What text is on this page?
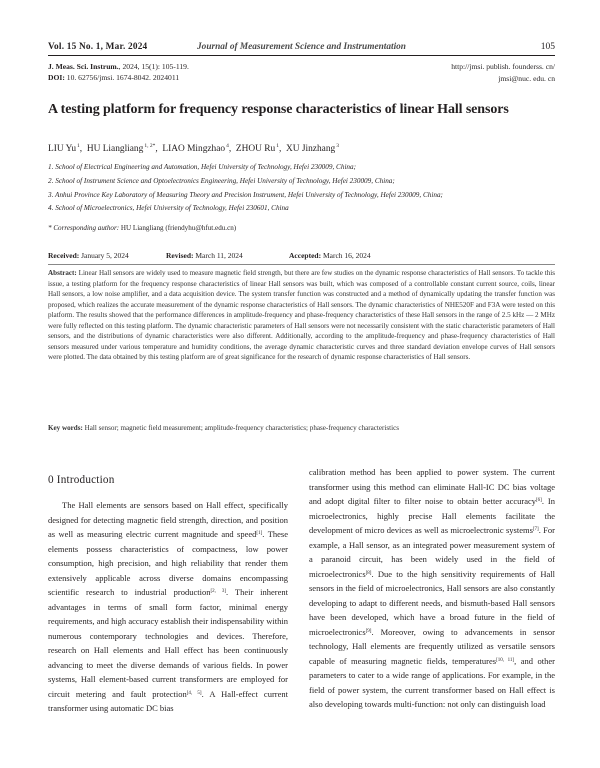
Vol. 15 No. 1, Mar. 2024	Journal of Measurement Science and Instrumentation	105
J. Meas. Sci. Instrum., 2024, 15(1): 105-119.
DOI: 10. 62756/jmsi. 1674-8042. 2024011
http://jmsi. publish. founderss. cn/
jmsi@nuc. edu. cn
A testing platform for frequency response characteristics of linear Hall sensors
LIU Yu$^1$,  HU Liangliang$^{1, 2*}$,  LIAO Mingzhao$^4$,  ZHOU Ru$^1$,  XU Jinzhang$^3$
1. School of Electrical Engineering and Automation, Hefei University of Technology, Hefei 230009, China;
2. School of Instrument Science and Optoelectronics Engineering, Hefei University of Technology, Hefei 230009, China;
3. Anhui Province Key Laboratory of Measuring Theory and Precision Instrument, Hefei University of Technology, Hefei 230009, China;
4. School of Microelectronics, Hefei University of Technology, Hefei 230601, China
* Corresponding author: HU Liangliang (friendyhu@hfut.edu.cn)
Received: January 5, 2024	Revised: March 11, 2024	Accepted: March 16, 2024
Abstract: Linear Hall sensors are widely used to measure magnetic field strength, but there are few studies on the dynamic response characteristics of Hall sensors. To tackle this issue, a testing platform for the frequency response characteristics of linear Hall sensors was built, which was composed of a controllable constant current source, coils, linear Hall sensors, a low noise amplifier, and a data acquisition device. The system transfer function was constructed and a method of dynamically updating the transfer function was proposed, which realizes the accurate measurement of the dynamic response characteristics of Hall sensors. The dynamic characteristics of NHE520F and F3A were tested on this platform. The results showed that the performance differences in amplitude-frequency and phase-frequency characteristics of these Hall sensors in the range of 2.5 kHz — 2 MHz were fully reflected on this testing platform. The dynamic characteristic parameters of Hall sensors were not necessarily consistent with the static characteristic parameters of Hall sensors, and the distributions of dynamic characteristics were also different. Additionally, according to the amplitude-frequency and phase-frequency characteristics of Hall sensors measured under various temperature and humidity conditions, the average dynamic characteristic curves and three standard deviation envelope curves of Hall sensors were plotted. The data obtained by this testing platform are of great significance for the research of dynamic response characteristics of Hall sensors.
Key words: Hall sensor; magnetic field measurement; amplitude-frequency characteristics; phase-frequency characteristics
0 Introduction

The Hall elements are sensors based on Hall effect, specifically designed for detecting magnetic field strength, direction, and position as well as measuring electric current magnitude and speed[1]. These elements possess characteristics of compactness, low power consumption, high precision, and high reliability that render them extensively applicable across diverse domains encompassing scientific research to industrial production[2, 3]. Their inherent advantages in terms of small form factor, minimal energy requirements, and high accuracy establish their indispensability within numerous contemporary technologies and devices. Therefore, research on Hall elements and Hall effect has been continuously advancing to meet the diverse demands of various fields. In power systems, Hall element-based current transformers are employed for circuit metering and fault protection[4, 5]. A Hall-effect current transformer using automatic DC bias

calibration method has been applied to power system. The current transformer using this method can eliminate Hall-IC DC bias voltage and adopt digital filter to filter noise to obtain better accuracy[6]. In microelectronics, highly precise Hall elements facilitate the development of micro devices as well as microelectronic systems[7]. For example, a Hall sensor, as an integrated power measurement system of a paranoid circuit, has been widely used in the field of microelectronics[8]. Due to the high sensitivity requirements of Hall sensors in the field of microelectronics, Hall sensors are also constantly developing to adapt to different needs, and bismuth-based Hall sensors have been developed, which have a broad future in the field of microelectronics[9]. Moreover, owing to advancements in sensor technology, Hall elements are frequently utilized as versatile sensors capable of measuring magnetic fields, temperatures[10, 11], and other parameters to cater to a wide range of applications. For example, in the field of power system, the current transformer based on Hall effect is also developing towards multi-function: not only can distinguish load
